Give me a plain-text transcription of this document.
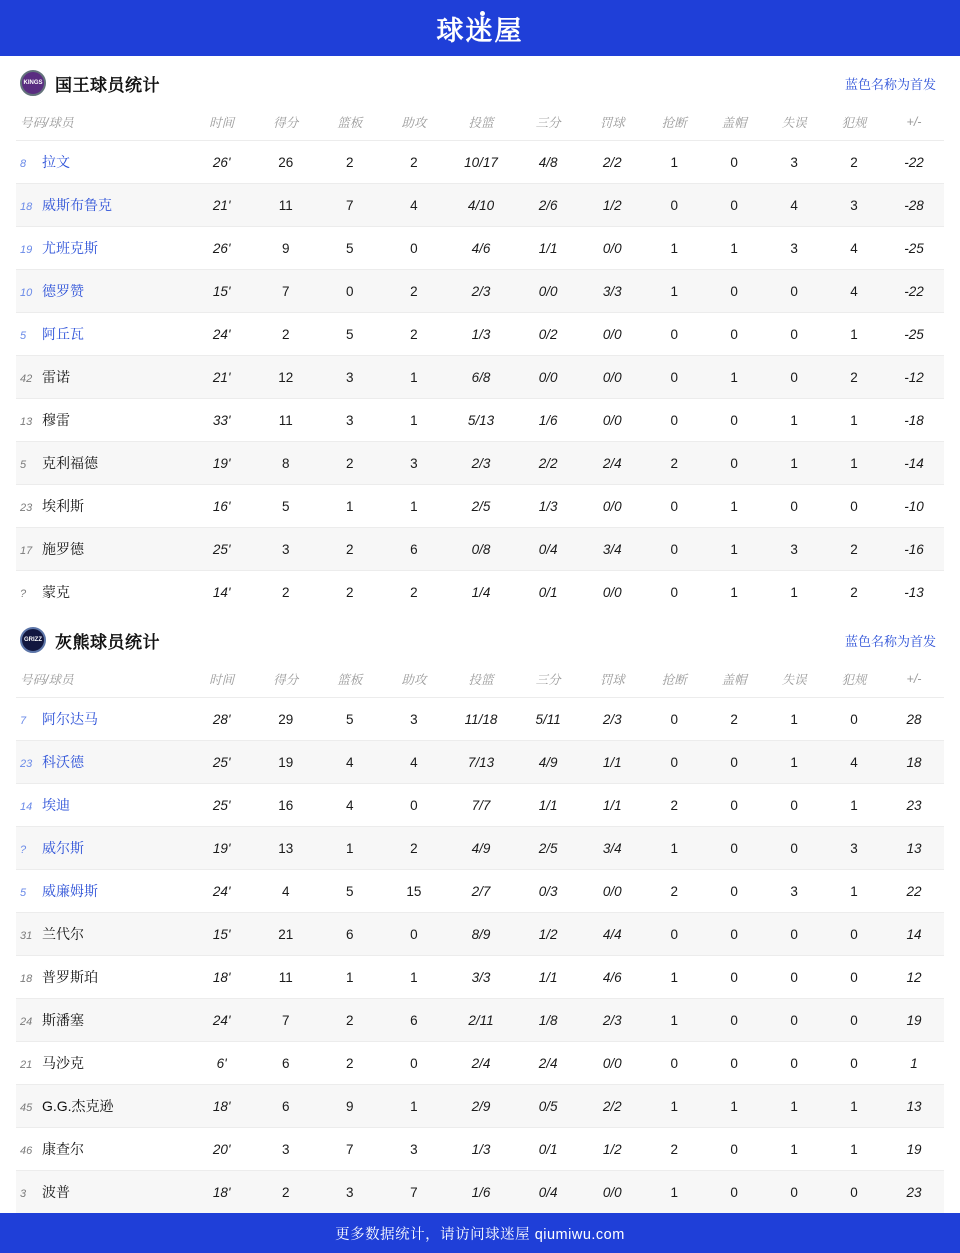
球迷屋
KINGS 国王球员统计	蓝色名称为首发
号码/球员	时间	得分	篮板	助攻	投篮	三分	罚球	抢断	盖帽	失误	犯规	+/-
8 拉文	26'	26	2	2	10/17	4/8	2/2	1	0	3	2	-22
18 威斯布鲁克	21'	11	7	4	4/10	2/6	1/2	0	0	4	3	-28
19 尤班克斯	26'	9	5	0	4/6	1/1	0/0	1	1	3	4	-25
10 德罗赞	15'	7	0	2	2/3	0/0	3/3	1	0	0	4	-22
5 阿丘瓦	24'	2	5	2	1/3	0/2	0/0	0	0	0	1	-25
42 雷诺	21'	12	3	1	6/8	0/0	0/0	0	1	0	2	-12
13 穆雷	33'	11	3	1	5/13	1/6	0/0	0	0	1	1	-18
5 克利福德	19'	8	2	3	2/3	2/2	2/4	2	0	1	1	-14
23 埃利斯	16'	5	1	1	2/5	1/3	0/0	0	1	0	0	-10
17 施罗德	25'	3	2	6	0/8	0/4	3/4	0	1	3	2	-16
? 蒙克	14'	2	2	2	1/4	0/1	0/0	0	1	1	2	-13
GRIZZ 灰熊球员统计	蓝色名称为首发
号码/球员	时间	得分	篮板	助攻	投篮	三分	罚球	抢断	盖帽	失误	犯规	+/-
7 阿尔达马	28'	29	5	3	11/18	5/11	2/3	0	2	1	0	28
23 科沃德	25'	19	4	4	7/13	4/9	1/1	0	0	1	4	18
14 埃迪	25'	16	4	0	7/7	1/1	1/1	2	0	0	1	23
? 威尔斯	19'	13	1	2	4/9	2/5	3/4	1	0	0	3	13
5 威廉姆斯	24'	4	5	15	2/7	0/3	0/0	2	0	3	1	22
31 兰代尔	15'	21	6	0	8/9	1/2	4/4	0	0	0	0	14
18 普罗斯珀	18'	11	1	1	3/3	1/1	4/6	1	0	0	0	12
24 斯潘塞	24'	7	2	6	2/11	1/8	2/3	1	0	0	0	19
21 马沙克	6'	6	2	0	2/4	2/4	0/0	0	0	0	0	1
45 G.G.杰克逊	18'	6	9	1	2/9	0/5	2/2	1	1	1	1	13
46 康查尔	20'	3	7	3	1/3	0/1	1/2	2	0	1	1	19
3 波普	18'	2	3	7	1/6	0/4	0/0	1	0	0	0	23
更多数据统计，请访问球迷屋 qiumiwu.com
